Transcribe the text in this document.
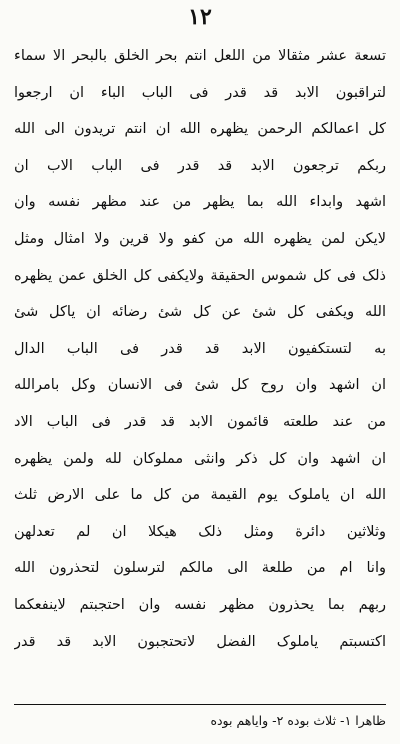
١٢
تسعة عشر مثقالا من اللعل انتم بحر الخلق بالبحر الا سماء
لتراقبون الابد قد قدر فی الباب الباء ان ارجعوا
کل اعمالکم الرحمن یظهره الله ان انتم تریدون الی الله
ربکم ترجعون الابد قد قدر فی الباب الاب ان
اشهد وابداء الله بما یظهر من عند مظهر نفسه وان
لایکن لمن یظهره الله من کفو ولا قرین ولا امثال ومثل
ذلک فی کل شموس الحقیقة ولایکفی کل الخلق عمن یظهره
الله ویکفی کل شیٔ عن کل شیٔ رضائه ان یاکل شیٔ
به لتستکفیون الابد قد قدر فی الباب الدال
ان اشهد وان روح کل شیٔ فی الانسان وکل بامرالله
من عند طلعته قائمون الابد قد قدر فی الباب الاد
ان اشهد وان کل ذکر وانثی مملوکان لله ولمن یظهره
الله ان یاملوک یوم القیمة من کل ما علی الارض ثلث
وثلاثین دائرة ومثل ذلک هیکلا ان لم تعدلهن
وانا ام من طلعة الی مالکم لترسلون لتحذرون الله
ربهم بما یحذرون مظهر نفسه وان احتجبتم لاینفعکما
اکتسبتم یاملوک الفضل لاتحتجبون الابد قد قدر
ظاهرا ۱- ثلاث بوده ۲- وایاهم بوده
